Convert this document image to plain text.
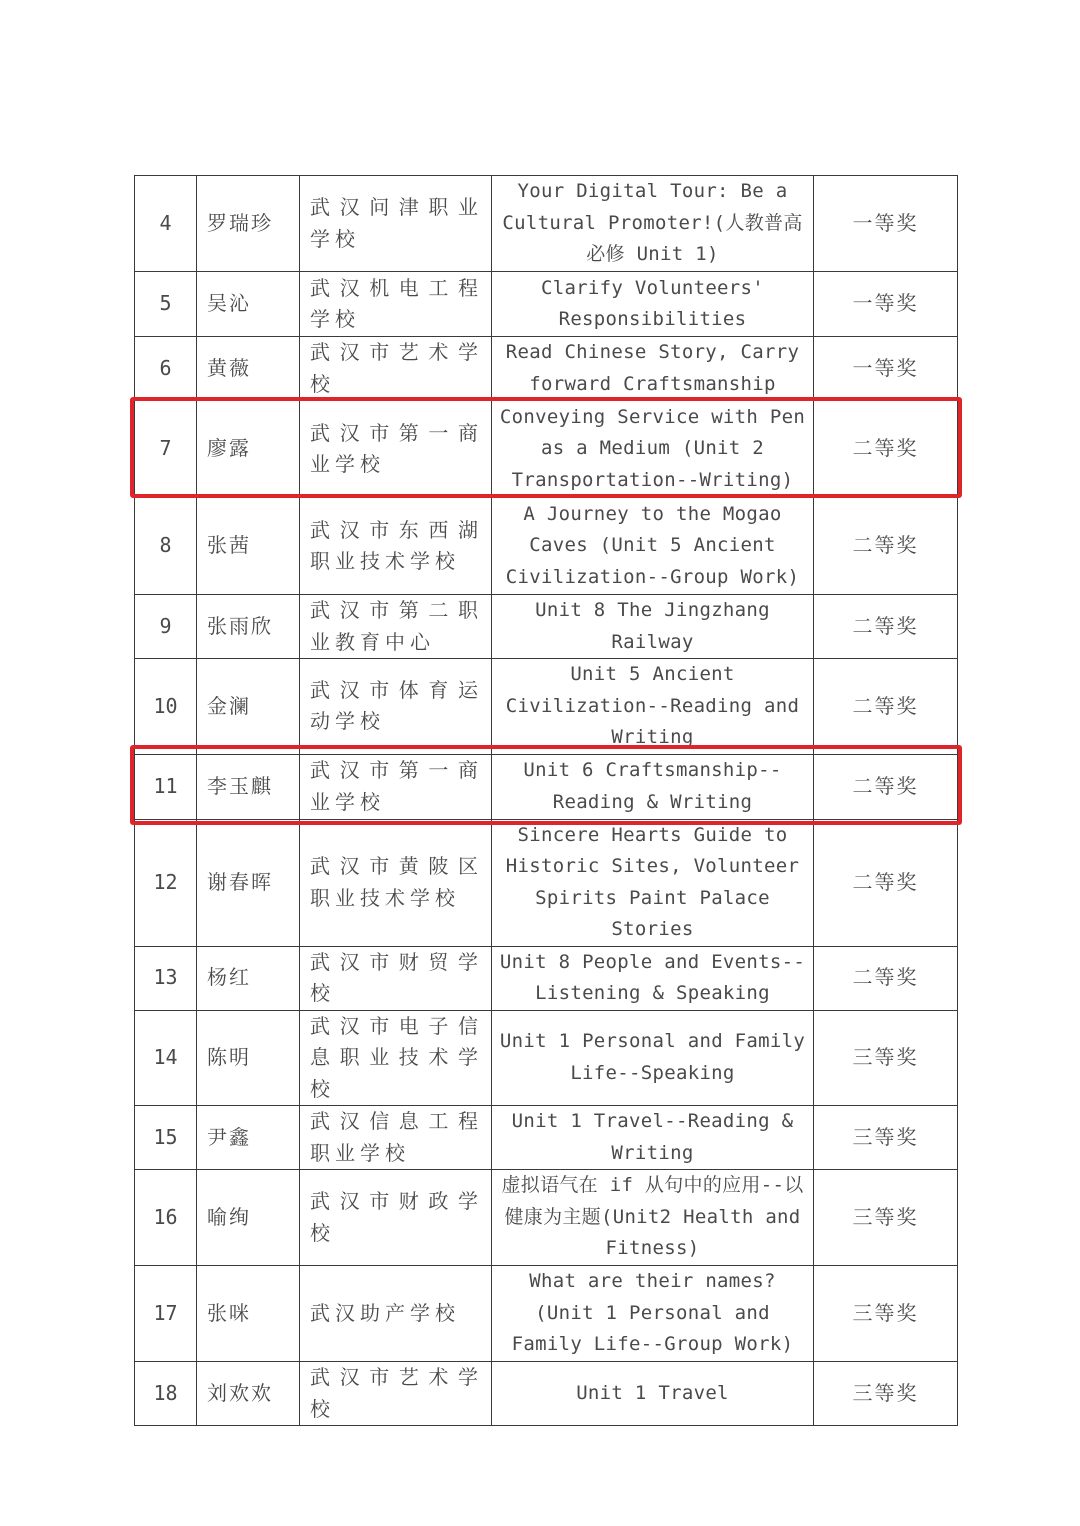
4	罗瑞珍	武汉问津职业学校	Your Digital Tour: Be a Cultural Promoter!(人教普高必修 Unit 1)	一等奖
5	吴沁	武汉机电工程学校	Clarify Volunteers' Responsibilities	一等奖
6	黄薇	武汉市艺术学校	Read Chinese Story, Carry forward Craftsmanship	一等奖
7	廖露	武汉市第一商业学校	Conveying Service with Pen as a Medium (Unit 2 Transportation--Writing)	二等奖
8	张茜	武汉市东西湖职业技术学校	A Journey to the Mogao Caves (Unit 5 Ancient Civilization--Group Work)	二等奖
9	张雨欣	武汉市第二职业教育中心	Unit 8 The Jingzhang Railway	二等奖
10	金澜	武汉市体育运动学校	Unit 5 Ancient Civilization--Reading and Writing	二等奖
11	李玉麒	武汉市第一商业学校	Unit 6 Craftsmanship--Reading & Writing	二等奖
12	谢春晖	武汉市黄陂区职业技术学校	Sincere Hearts Guide to Historic Sites, Volunteer Spirits Paint Palace Stories	二等奖
13	杨红	武汉市财贸学校	Unit 8 People and Events--Listening & Speaking	二等奖
14	陈明	武汉市电子信息职业技术学校	Unit 1 Personal and Family Life--Speaking	三等奖
15	尹鑫	武汉信息工程职业学校	Unit 1 Travel--Reading & Writing	三等奖
16	喻绚	武汉市财政学校	虚拟语气在 if 从句中的应用--以健康为主题(Unit2 Health and Fitness)	三等奖
17	张咪	武汉助产学校	What are their names? (Unit 1 Personal and Family Life--Group Work)	三等奖
18	刘欢欢	武汉市艺术学校	Unit 1 Travel	三等奖
